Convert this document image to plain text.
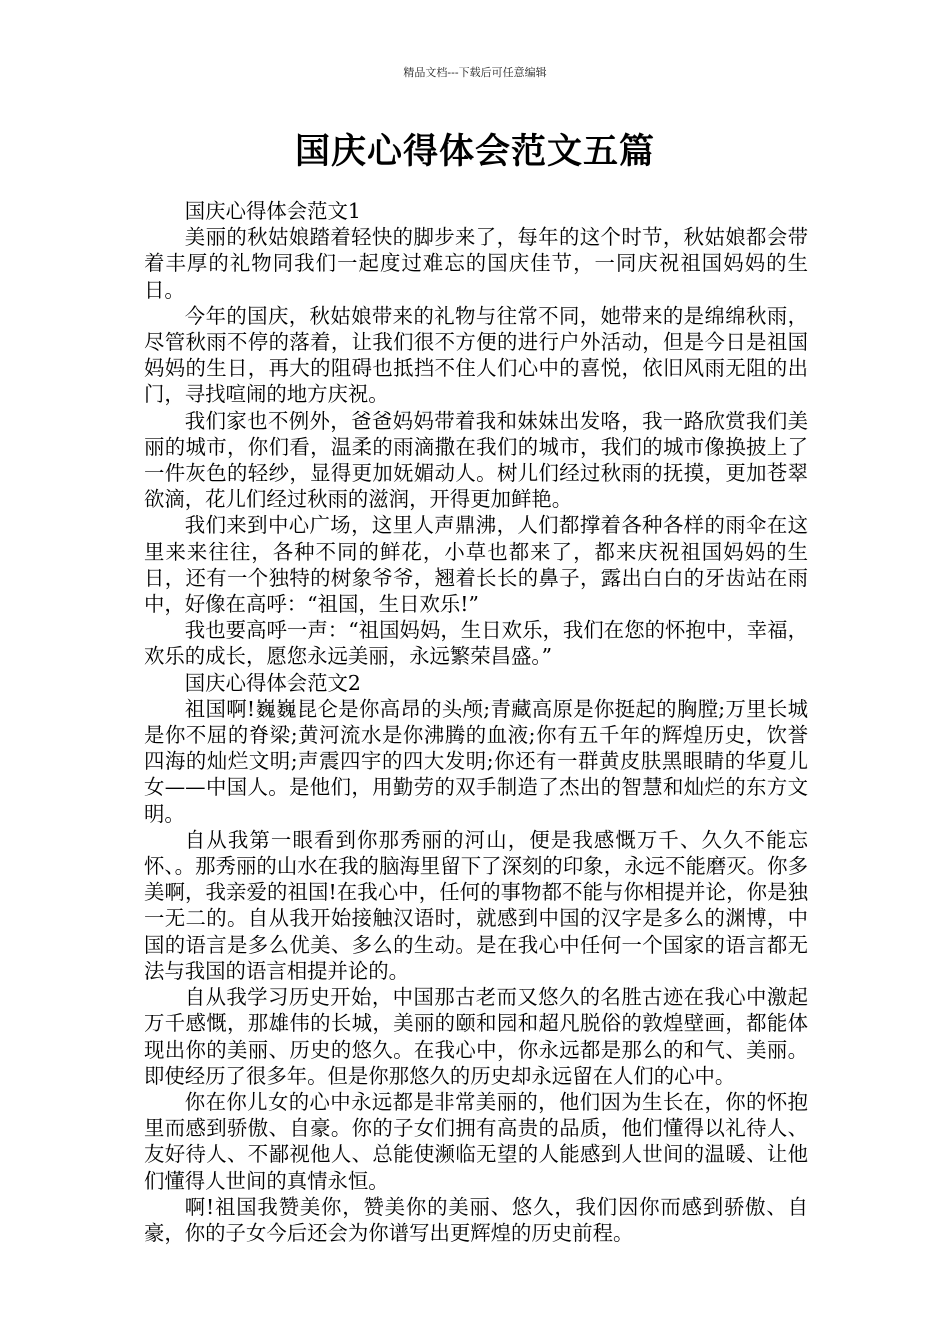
精品文档---下载后可任意编辑
国庆心得体会范文五篇

国庆心得体会范文1

美丽的秋姑娘踏着轻快的脚步来了，每年的这个时节，秋姑娘都会带着丰厚的礼物同我们一起度过难忘的国庆佳节，一同庆祝祖国妈妈的生日。

今年的国庆，秋姑娘带来的礼物与往常不同，她带来的是绵绵秋雨，尽管秋雨不停的落着，让我们很不方便的进行户外活动，但是今日是祖国妈妈的生日，再大的阻碍也抵挡不住人们心中的喜悦，依旧风雨无阻的出门，寻找喧闹的地方庆祝。

我们家也不例外，爸爸妈妈带着我和妹妹出发咯，我一路欣赏我们美丽的城市，你们看，温柔的雨滴撒在我们的城市，我们的城市像换披上了一件灰色的轻纱，显得更加妩媚动人。树儿们经过秋雨的抚摸，更加苍翠欲滴，花儿们经过秋雨的滋润，开得更加鲜艳。

我们来到中心广场，这里人声鼎沸，人们都撑着各种各样的雨伞在这里来来往往，各种不同的鲜花，小草也都来了，都来庆祝祖国妈妈的生日，还有一个独特的树象爷爷，翘着长长的鼻子，露出白白的牙齿站在雨中，好像在高呼：“祖国，生日欢乐!”

我也要高呼一声：“祖国妈妈，生日欢乐，我们在您的怀抱中，幸福，欢乐的成长，愿您永远美丽，永远繁荣昌盛。”

国庆心得体会范文2

祖国啊!巍巍昆仑是你高昂的头颅;青藏高原是你挺起的胸膛;万里长城是你不屈的脊梁;黄河流水是你沸腾的血液;你有五千年的辉煌历史，饮誉四海的灿烂文明;声震四宇的四大发明;你还有一群黄皮肤黑眼睛的华夏儿女——中国人。是他们，用勤劳的双手制造了杰出的智慧和灿烂的东方文明。

自从我第一眼看到你那秀丽的河山，便是我感慨万千、久久不能忘怀、。那秀丽的山水在我的脑海里留下了深刻的印象，永远不能磨灭。你多美啊，我亲爱的祖国!在我心中，任何的事物都不能与你相提并论，你是独一无二的。自从我开始接触汉语时，就感到中国的汉字是多么的渊博，中国的语言是多么优美、多么的生动。是在我心中任何一个国家的语言都无法与我国的语言相提并论的。

自从我学习历史开始，中国那古老而又悠久的名胜古迹在我心中激起万千感慨，那雄伟的长城，美丽的颐和园和超凡脱俗的敦煌壁画，都能体现出你的美丽、历史的悠久。在我心中，你永远都是那么的和气、美丽。即使经历了很多年。但是你那悠久的历史却永远留在人们的心中。

你在你儿女的心中永远都是非常美丽的，他们因为生长在，你的怀抱里而感到骄傲、自豪。你的子女们拥有高贵的品质，他们懂得以礼待人、友好待人、不鄙视他人、总能使濒临无望的人能感到人世间的温暖、让他们懂得人世间的真情永恒。

啊!祖国我赞美你，赞美你的美丽、悠久，我们因你而感到骄傲、自豪，你的子女今后还会为你谱写出更辉煌的历史前程。
